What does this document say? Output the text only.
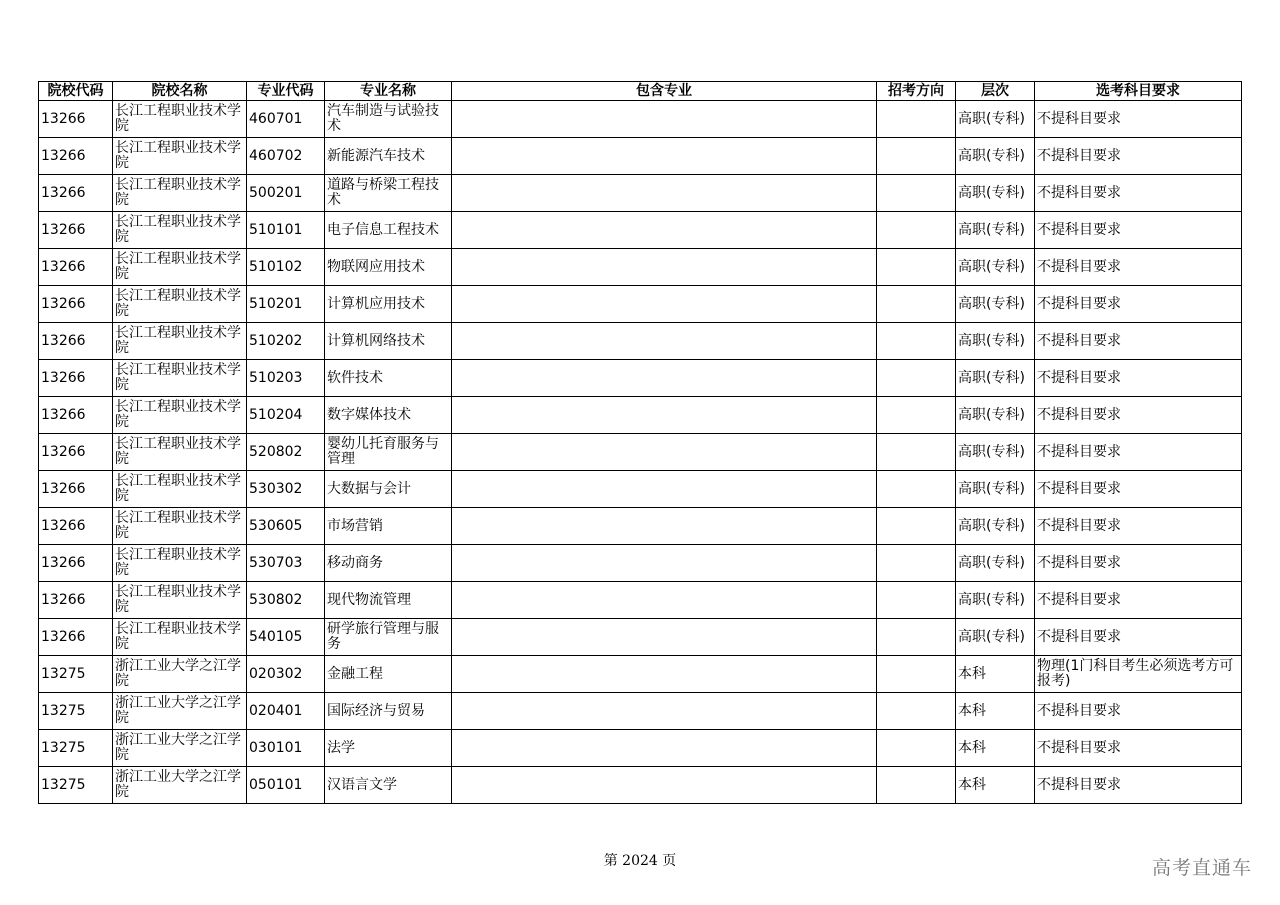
院校代码	院校名称	专业代码	专业名称	包含专业	招考方向	层次	选考科目要求
13266	长江工程职业技术学院	460701	汽车制造与试验技术			高职(专科)	不提科目要求
13266	长江工程职业技术学院	460702	新能源汽车技术			高职(专科)	不提科目要求
13266	长江工程职业技术学院	500201	道路与桥梁工程技术			高职(专科)	不提科目要求
13266	长江工程职业技术学院	510101	电子信息工程技术			高职(专科)	不提科目要求
13266	长江工程职业技术学院	510102	物联网应用技术			高职(专科)	不提科目要求
13266	长江工程职业技术学院	510201	计算机应用技术			高职(专科)	不提科目要求
13266	长江工程职业技术学院	510202	计算机网络技术			高职(专科)	不提科目要求
13266	长江工程职业技术学院	510203	软件技术			高职(专科)	不提科目要求
13266	长江工程职业技术学院	510204	数字媒体技术			高职(专科)	不提科目要求
13266	长江工程职业技术学院	520802	婴幼儿托育服务与管理			高职(专科)	不提科目要求
13266	长江工程职业技术学院	530302	大数据与会计			高职(专科)	不提科目要求
13266	长江工程职业技术学院	530605	市场营销			高职(专科)	不提科目要求
13266	长江工程职业技术学院	530703	移动商务			高职(专科)	不提科目要求
13266	长江工程职业技术学院	530802	现代物流管理			高职(专科)	不提科目要求
13266	长江工程职业技术学院	540105	研学旅行管理与服务			高职(专科)	不提科目要求
13275	浙江工业大学之江学院	020302	金融工程			本科	物理(1门科目考生必须选考方可报考)
13275	浙江工业大学之江学院	020401	国际经济与贸易			本科	不提科目要求
13275	浙江工业大学之江学院	030101	法学			本科	不提科目要求
13275	浙江工业大学之江学院	050101	汉语言文学			本科	不提科目要求
第 2024 页	高考直通车
